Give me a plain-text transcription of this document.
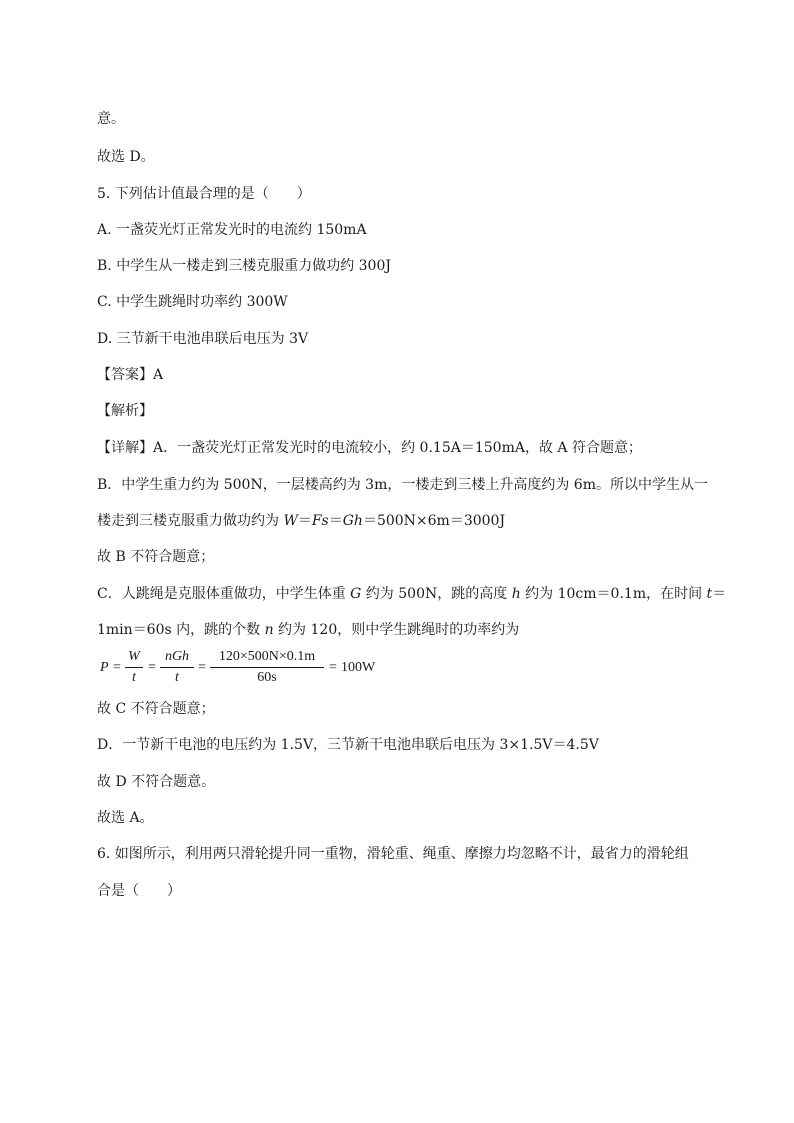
意。
故选 D。
5. 下列估计值最合理的是（　　）
A. 一盏荧光灯正常发光时的电流约 150mA
B. 中学生从一楼走到三楼克服重力做功约 300J
C. 中学生跳绳时功率约 300W
D. 三节新干电池串联后电压为 3V
【答案】A
【解析】
【详解】A．一盏荧光灯正常发光时的电流较小，约 0.15A＝150mA，故 A 符合题意；
B．中学生重力约为 500N，一层楼高约为 3m，一楼走到三楼上升高度约为 6m。所以中学生从一
楼走到三楼克服重力做功约为 W＝Fs＝Gh＝500N×6m＝3000J
故 B 不符合题意；
C．人跳绳是克服体重做功，中学生体重 G 约为 500N，跳的高度 h 约为 10cm＝0.1m，在时间 t＝
1min＝60s 内，跳的个数 n 约为 120，则中学生跳绳时的功率约为
P =
W
t
=
nGh
t
=
120×500N×0.1m
60s
= 100W
故 C 不符合题意；
D．一节新干电池的电压约为 1.5V，三节新干电池串联后电压为 3×1.5V＝4.5V
故 D 不符合题意。
故选 A。
6. 如图所示，利用两只滑轮提升同一重物，滑轮重、绳重、摩擦力均忽略不计，最省力的滑轮组
合是（　　）
